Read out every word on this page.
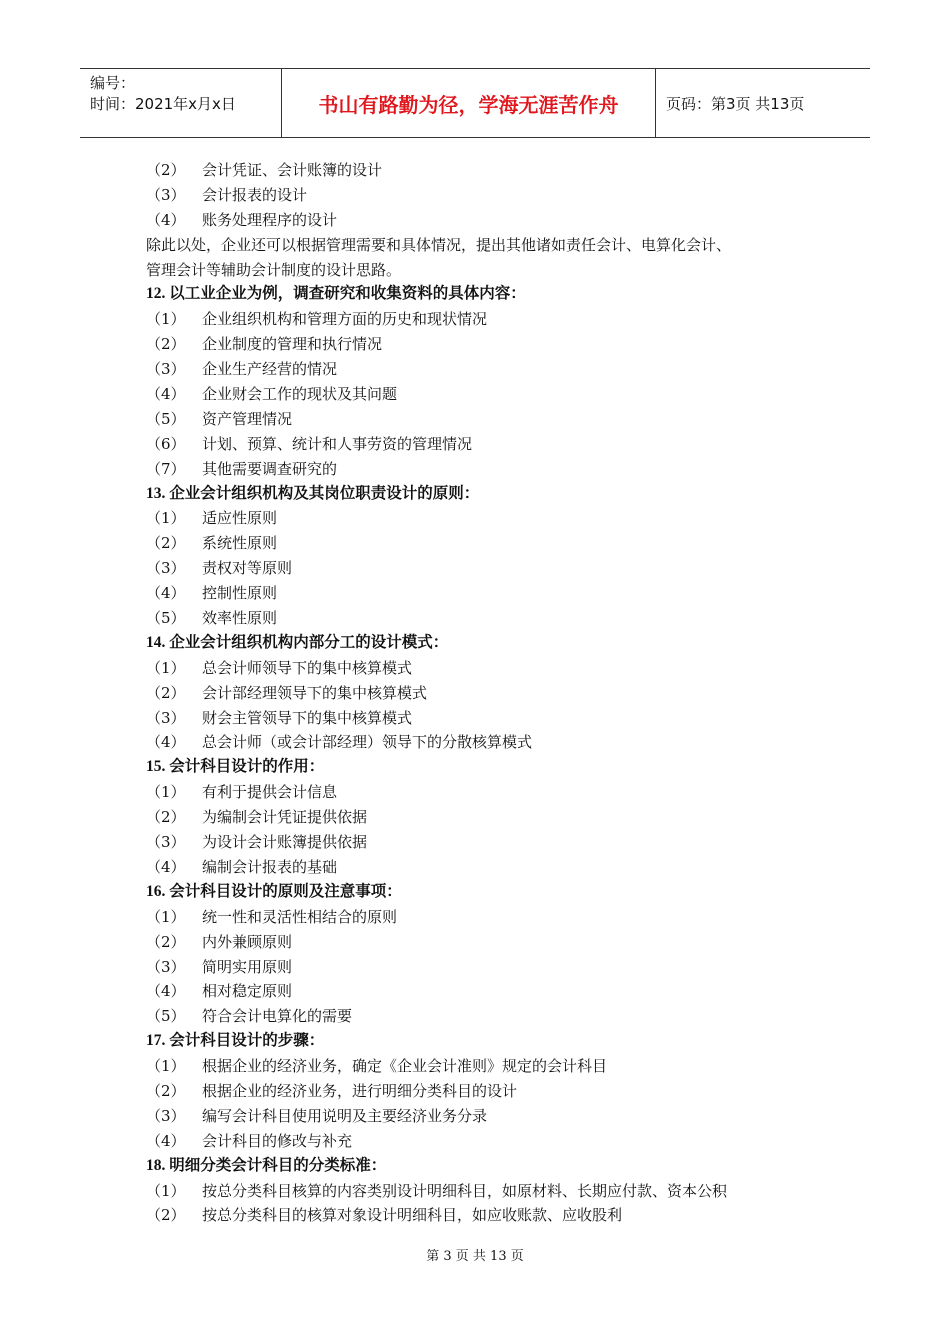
编号：
时间：2021年x月x日	书山有路勤为径，学海无涯苦作舟	页码：第3页 共13页
（2） 会计凭证、会计账簿的设计
（3） 会计报表的设计
（4） 账务处理程序的设计
除此以处，企业还可以根据管理需要和具体情况，提出其他诸如责任会计、电算化会计、
管理会计等辅助会计制度的设计思路。
12. 以工业企业为例，调查研究和收集资料的具体内容：
（1） 企业组织机构和管理方面的历史和现状情况
（2） 企业制度的管理和执行情况
（3） 企业生产经营的情况
（4） 企业财会工作的现状及其问题
（5） 资产管理情况
（6） 计划、预算、统计和人事劳资的管理情况
（7） 其他需要调查研究的
13. 企业会计组织机构及其岗位职责设计的原则：
（1） 适应性原则
（2） 系统性原则
（3） 责权对等原则
（4） 控制性原则
（5） 效率性原则
14. 企业会计组织机构内部分工的设计模式：
（1） 总会计师领导下的集中核算模式
（2） 会计部经理领导下的集中核算模式
（3） 财会主管领导下的集中核算模式
（4） 总会计师（或会计部经理）领导下的分散核算模式
15. 会计科目设计的作用：
（1） 有利于提供会计信息
（2） 为编制会计凭证提供依据
（3） 为设计会计账簿提供依据
（4） 编制会计报表的基础
16. 会计科目设计的原则及注意事项：
（1） 统一性和灵活性相结合的原则
（2） 内外兼顾原则
（3） 简明实用原则
（4） 相对稳定原则
（5） 符合会计电算化的需要
17. 会计科目设计的步骤：
（1） 根据企业的经济业务，确定《企业会计准则》规定的会计科目
（2） 根据企业的经济业务，进行明细分类科目的设计
（3） 编写会计科目使用说明及主要经济业务分录
（4） 会计科目的修改与补充
18. 明细分类会计科目的分类标准：
（1） 按总分类科目核算的内容类别设计明细科目，如原材料、长期应付款、资本公积
（2） 按总分类科目的核算对象设计明细科目，如应收账款、应收股利
第 3 页 共 13 页
